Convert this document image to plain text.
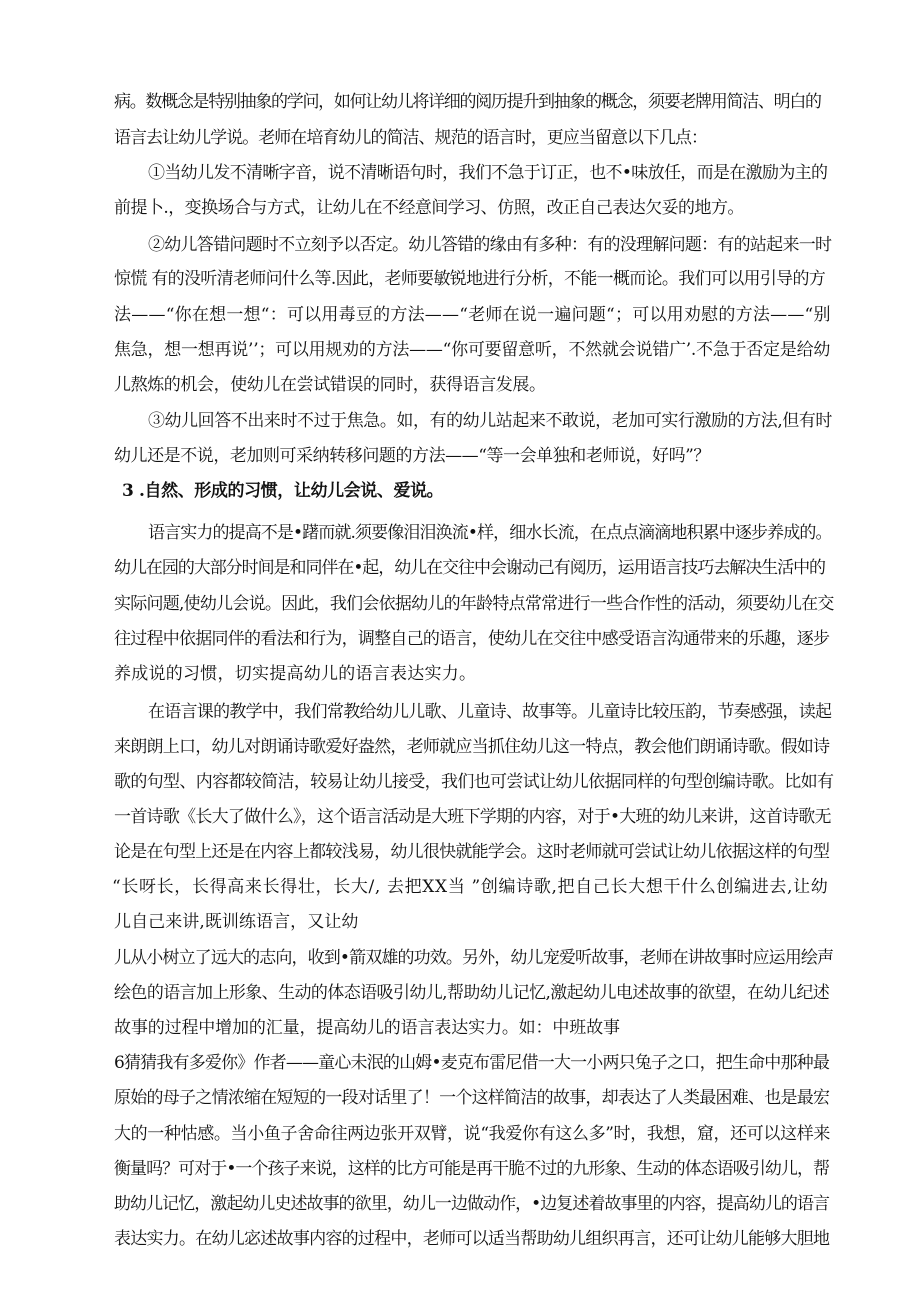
病。数概念是特别抽象的学问，如何让幼儿将详细的阅历提升到抽象的概念，须要老牌用简洁、明白的
语言去让幼儿学说。老师在培育幼儿的简洁、规范的语言时，更应当留意以下几点：
①当幼儿发不清晰字音，说不清晰语句时，我们不急于订正，也不•味放任，而是在激励为主的
前提卜.，变换场合与方式，让幼儿在不经意间学习、仿照，改正自己表达欠妥的地方。
②幼儿答错问题时不立刻予以否定。幼儿答错的缘由有多种：有的没理解问题：有的站起来一时
惊慌 有的没听清老师问什么等.因此，老师要敏锐地进行分析，不能一概而论。我们可以用引导的方
法——“你在想一想“：可以用毒豆的方法——“老师在说一遍问题“；可以用劝慰的方法——“别
焦急，想一想再说’’；可以用规劝的方法——“你可要留意听，不然就会说错广’.不急于否定是给幼
儿熬炼的机会，使幼儿在尝试错误的同时，获得语言发展。
③幼儿回答不出来时不过于焦急。如，有的幼儿站起来不敢说，老加可实行激励的方法,但有时
幼儿还是不说，老加则可采纳转移问题的方法——“等一会单独和老师说，好吗”？
3 .自然、形成的习惯，让幼儿会说、爱说。
语言实力的提高不是•躇而就.须要像泪泪涣流•样，细水长流，在点点滴滴地积累中逐步养成的。
幼儿在园的大部分时间是和同伴在•起，幼儿在交往中会谢动己有阅历，运用语言技巧去解决生活中的
实际问题,使幼儿会说。因此，我们会依据幼儿的年龄特点常常进行一些合作性的活动，须要幼儿在交
往过程中依据同伴的看法和行为，调整自己的语言，使幼儿在交往中感受语言沟通带来的乐趣，逐步
养成说的习惯，切实提高幼儿的语言表达实力。
在语言课的教学中，我们常教给幼儿儿歌、儿童诗、故事等。儿童诗比较压韵，节奏感强，读起
来朗朗上口，幼儿对朗诵诗歌爱好盎然，老师就应当抓住幼儿这一特点，教会他们朗诵诗歌。假如诗
歌的句型、内容都较简洁，较易让幼儿接受，我们也可尝试让幼儿依据同样的句型创编诗歌。比如有
一首诗歌《长大了做什么》，这个语言活动是大班下学期的内容，对于•大班的幼儿来讲，这首诗歌无
论是在句型上还是在内容上都较浅易，幼儿很快就能学会。这时老师就可尝试让幼儿依据这样的句型
“长呀长，长得高来长得壮，长大/, 去把XX当 ”创编诗歌,把自己长大想干什么创编进去,让幼
儿自己来讲,既训练语言，又让幼
儿从小树立了远大的志向，收到•箭双雄的功效。另外，幼儿宠爱听故事，老师在讲故事时应运用绘声
绘色的语言加上形象、生动的体态语吸引幼儿,帮助幼儿记忆,激起幼儿电述故事的欲望，在幼儿纪述
故事的过程中增加的汇量，提高幼儿的语言表达实力。如：中班故事
6猜猜我有多爱你》作者——童心未泯的山姆•麦克布雷尼借一大一小两只兔子之口，把生命中那种最
原始的母子之情浓缩在短短的一段对话里了！一个这样简洁的故事，却表达了人类最困难、也是最宏
大的一种怙感。当小鱼子舍命往两边张开双臂，说“我爱你有这么多”时，我想，窟，还可以这样来
衡量吗？可对于•一个孩子来说，这样的比方可能是再干脆不过的九形象、生动的体态语吸引幼儿，帮
助幼儿记忆，激起幼儿史述故事的欲里，幼儿一边做动作，•边复述着故事里的内容，提高幼儿的语言
表达实力。在幼儿宓述故事内容的过程中，老师可以适当帮助幼儿组织再言，还可让幼儿能够大胆地
